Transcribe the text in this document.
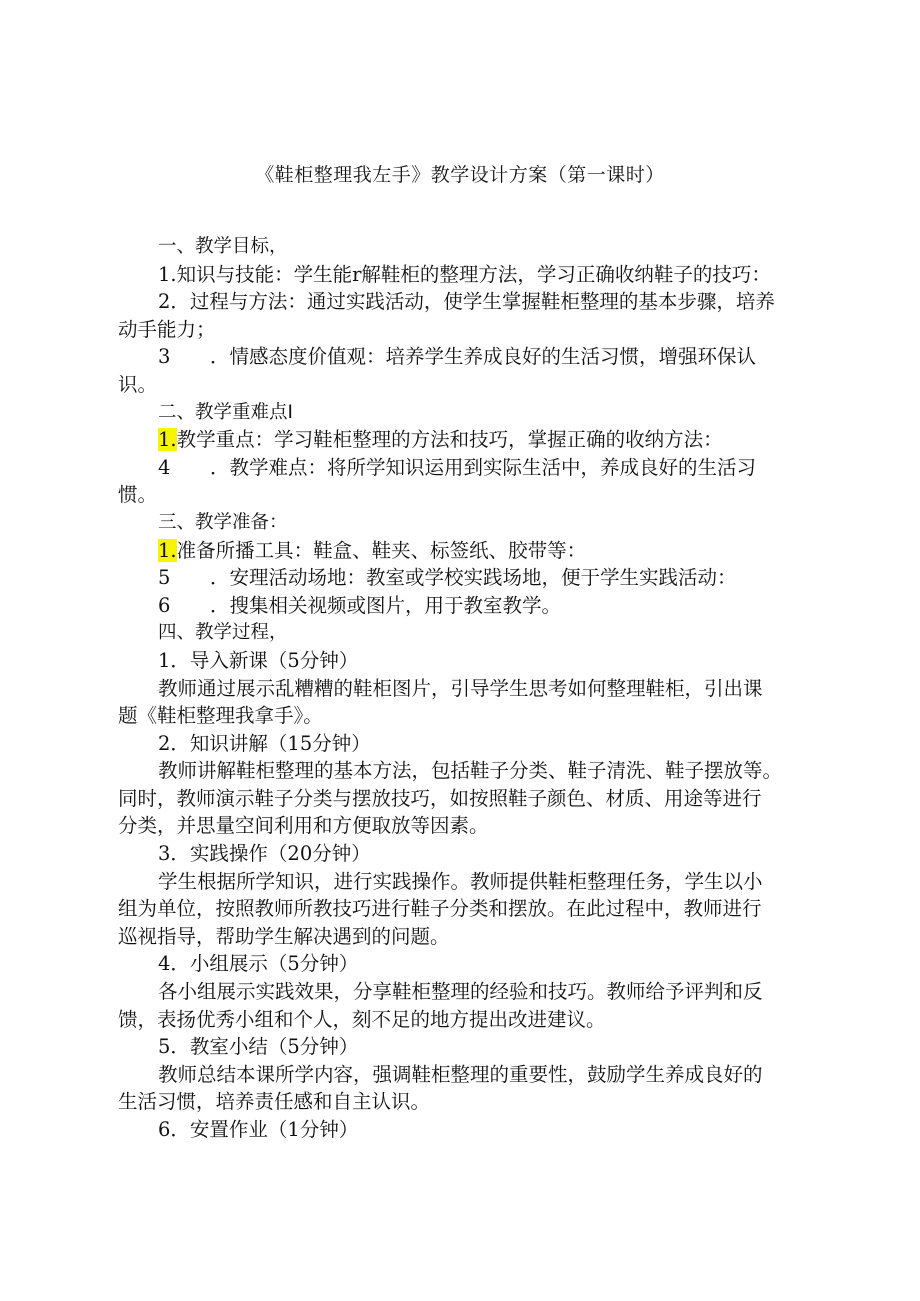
《鞋柜整理我左手》教学设计方案（第一课时）
一、教学目标，
1.知识与技能：学生能r解鞋柜的整理方法，学习正确收纳鞋子的技巧：
2．过程与方法：通过实践活动，使学生掌握鞋柜整理的基本步骤，培养
动手能力；
3 ．情感态度价值观：培养学生养成良好的生活习惯，增强环保认
识。
二、教学重难点I
1.教学重点：学习鞋柜整理的方法和技巧，掌握正确的收纳方法：
4 ．教学难点：将所学知识运用到实际生活中，养成良好的生活习
惯。
三、教学准备：
1.准备所播工具：鞋盒、鞋夹、标签纸、胶带等：
5 ．安理活动场地：教室或学校实践场地，便于学生实践活动：
6 ．搜集相关视频或图片，用于教室教学。
四、教学过程，
1．导入新课（5分钟）
教师通过展示乱糟糟的鞋柜图片，引导学生思考如何整理鞋柜，引出课
题《鞋柜整理我拿手》。
2．知识讲解（15分钟）
教师讲解鞋柜整理的基本方法，包括鞋子分类、鞋子清洗、鞋子摆放等。
同时，教师演示鞋子分类与摆放技巧，如按照鞋子颜色、材质、用途等进行
分类，并思量空间利用和方便取放等因素。
3．实践操作（20分钟）
学生根据所学知识，进行实践操作。教师提供鞋柜整理任务，学生以小
组为单位，按照教师所教技巧进行鞋子分类和摆放。在此过程中，教师进行
巡视指导，帮助学生解决遇到的问题。
4．小组展示（5分钟）
各小组展示实践效果，分享鞋柜整理的经验和技巧。教师给予评判和反
馈，表扬优秀小组和个人，刻不足的地方提出改进建议。
5．教室小结（5分钟）
教师总结本课所学内容，强调鞋柜整理的重要性，鼓励学生养成良好的
生活习惯，培养责任感和自主认识。
6．安置作业（1分钟）
